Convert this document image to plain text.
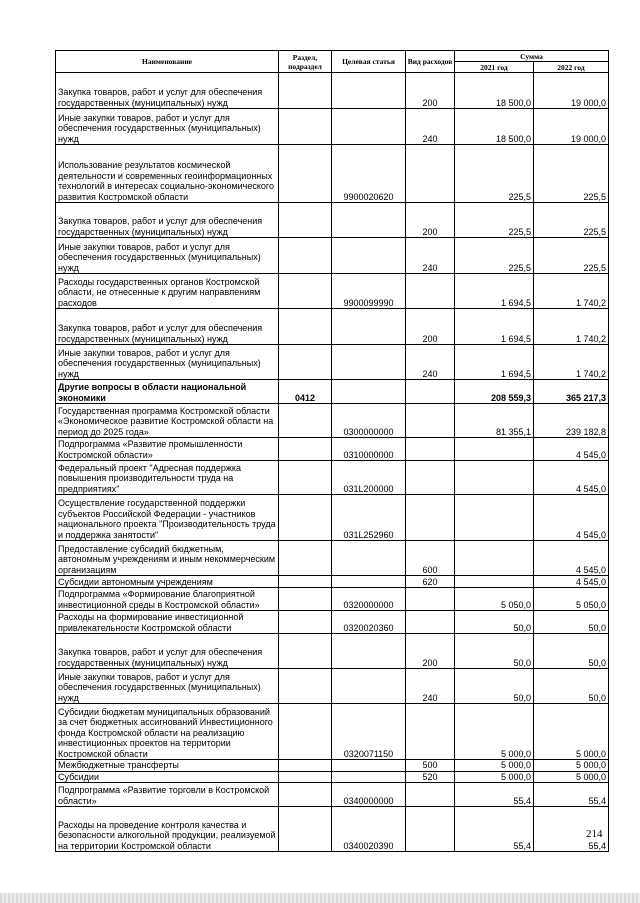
Наименование	Раздел, подраздел	Целевая статья	Вид расходов	Сумма	
				2021 год	2022 год
Закупка товаров, работ и услуг для обеспечения государственных (муниципальных) нужд			200	18 500,0	19 000,0
Иные закупки товаров, работ и услуг для обеспечения государственных (муниципальных) нужд			240	18 500,0	19 000,0
Использование результатов космической деятельности и современных геоинформационных технологий в интересах социально-экономического развития Костромской области		9900020620		225,5	225,5
Закупка товаров, работ и услуг для обеспечения государственных (муниципальных) нужд			200	225,5	225,5
Иные закупки товаров, работ и услуг для обеспечения государственных (муниципальных) нужд			240	225,5	225,5
Расходы государственных органов Костромской области, не отнесенные к другим направлениям расходов		9900099990		1 694,5	1 740,2
Закупка товаров, работ и услуг для обеспечения государственных (муниципальных) нужд			200	1 694,5	1 740,2
Иные закупки товаров, работ и услуг для обеспечения государственных (муниципальных) нужд			240	1 694,5	1 740,2
Другие вопросы в области национальной экономики	0412			208 559,3	365 217,3
Государственная программа Костромской области «Экономическое развитие Костромской области на период до 2025 года»		0300000000		81 355,1	239 182,8
Подпрограмма «Развитие промышленности Костромской области»		0310000000			4 545,0
Федеральный проект "Адресная поддержка повышения производительности труда на предприятиях"		031L200000			4 545,0
Осуществление государственной поддержки субъектов Российской Федерации - участников национального проекта "Производительность труда и поддержка занятости"		031L252960			4 545,0
Предоставление субсидий бюджетным, автономным учреждениям и иным некоммерческим организациям			600		4 545,0
Субсидии автономным учреждениям			620		4 545,0
Подпрограмма «Формирование благоприятной инвестиционной среды в Костромской области»		0320000000		5 050,0	5 050,0
Расходы на формирование инвестиционной привлекательности Костромской области		0320020360		50,0	50,0
Закупка товаров, работ и услуг для обеспечения государственных (муниципальных) нужд			200	50,0	50,0
Иные закупки товаров, работ и услуг для обеспечения государственных (муниципальных) нужд			240	50,0	50,0
Субсидии бюджетам муниципальных образований за счет бюджетных ассигнований Инвестиционного фонда Костромской области на реализацию инвестиционных проектов на территории Костромской области		0320071150		5 000,0	5 000,0
Межбюджетные трансферты			500	5 000,0	5 000,0
Субсидии			520	5 000,0	5 000,0
Подпрограмма «Развитие торговли в Костромской области»		0340000000		55,4	55,4
Расходы на проведение контроля качества и безопасности алкогольной продукции, реализуемой на территории Костромской области		0340020390		55,4	55,4
214
